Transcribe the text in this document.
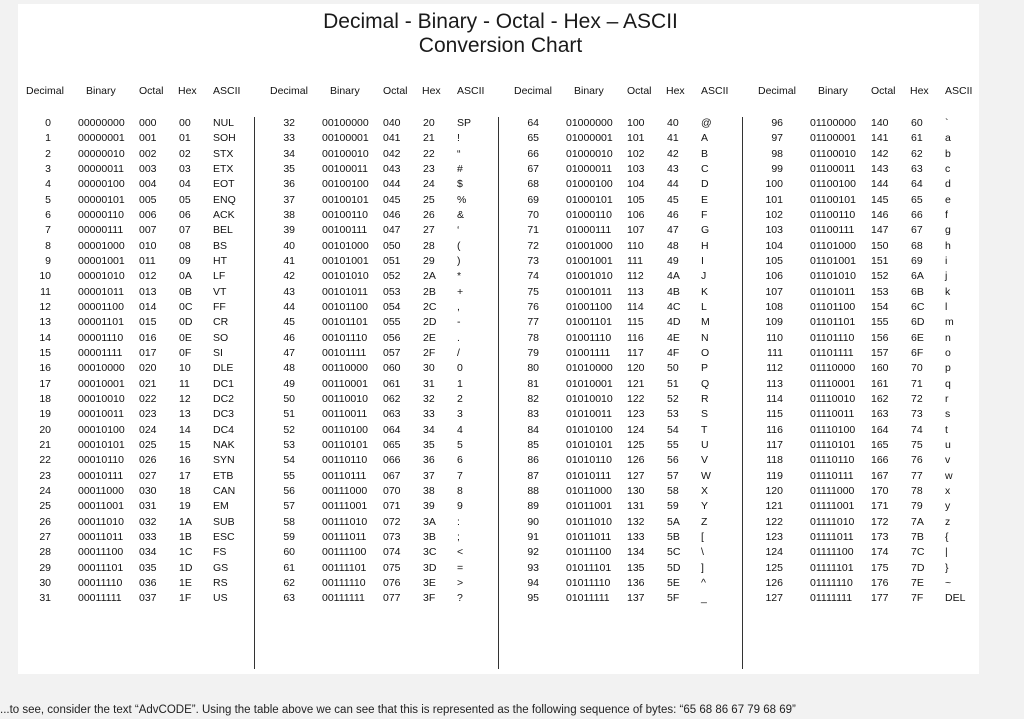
Decimal - Binary - Octal - Hex – ASCII
Conversion Chart
Decimal Binary Octal Hex ASCII
0	00000000 000 00 NUL
1	00000001 001 01 SOH
2	00000010 002 02 STX
3	00000011 003 03 ETX
4	00000100 004 04 EOT
5	00000101 005 05 ENQ
6	00000110 006 06 ACK
7	00000111 007 07 BEL
8	00001000 010 08 BS
9	00001001 011 09 HT
10	00001010 012 0A LF
11	00001011 013 0B VT
12	00001100 014 0C FF
13	00001101 015 0D CR
14	00001110 016 0E SO
15	00001111 017 0F SI
16	00010000 020 10 DLE
17	00010001 021 11 DC1
18	00010010 022 12 DC2
19	00010011 023 13 DC3
20	00010100 024 14 DC4
21	00010101 025 15 NAK
22	00010110 026 16 SYN
23	00010111 027 17 ETB
24	00011000 030 18 CAN
25	00011001 031 19 EM
26	00011010 032 1A SUB
27	00011011 033 1B ESC
28	00011100 034 1C FS
29	00011101 035 1D GS
30	00011110 036 1E RS
31	00011111 037 1F US
Decimal Binary Octal Hex ASCII
32	00100000 040 20 SP
33	00100001 041 21 !
34	00100010 042 22 “
35	00100011 043 23 #
36	00100100 044 24 $
37	00100101 045 25 %
38	00100110 046 26 &
39	00100111 047 27 ‘
40	00101000 050 28 (
41	00101001 051 29 )
42	00101010 052 2A *
43	00101011 053 2B +
44	00101100 054 2C ,
45	00101101 055 2D -
46	00101110 056 2E .
47	00101111 057 2F /
48	00110000 060 30 0
49	00110001 061 31 1
50	00110010 062 32 2
51	00110011 063 33 3
52	00110100 064 34 4
53	00110101 065 35 5
54	00110110 066 36 6
55	00110111 067 37 7
56	00111000 070 38 8
57	00111001 071 39 9
58	00111010 072 3A :
59	00111011 073 3B ;
60	00111100 074 3C <
61	00111101 075 3D =
62	00111110 076 3E >
63	00111111 077 3F ?
Decimal Binary Octal Hex ASCII
64	01000000 100 40 @
65	01000001 101 41 A
66	01000010 102 42 B
67	01000011 103 43 C
68	01000100 104 44 D
69	01000101 105 45 E
70	01000110 106 46 F
71	01000111 107 47 G
72	01001000 110 48 H
73	01001001 111 49 I
74	01001010 112 4A J
75	01001011 113 4B K
76	01001100 114 4C L
77	01001101 115 4D M
78	01001110 116 4E N
79	01001111 117 4F O
80	01010000 120 50 P
81	01010001 121 51 Q
82	01010010 122 52 R
83	01010011 123 53 S
84	01010100 124 54 T
85	01010101 125 55 U
86	01010110 126 56 V
87	01010111 127 57 W
88	01011000 130 58 X
89	01011001 131 59 Y
90	01011010 132 5A Z
91	01011011 133 5B [
92	01011100 134 5C \
93	01011101 135 5D ]
94	01011110 136 5E ^
95	01011111 137 5F _
Decimal Binary Octal Hex ASCII
96	01100000 140 60 `
97	01100001 141 61 a
98	01100010 142 62 b
99	01100011 143 63 c
100	01100100 144 64 d
101	01100101 145 65 e
102	01100110 146 66 f
103	01100111 147 67 g
104	01101000 150 68 h
105	01101001 151 69 i
106	01101010 152 6A j
107	01101011 153 6B k
108	01101100 154 6C l
109	01101101 155 6D m
110	01101110 156 6E n
111	01101111 157 6F o
112	01110000 160 70 p
113	01110001 161 71 q
114	01110010 162 72 r
115	01110011 163 73 s
116	01110100 164 74 t
117	01110101 165 75 u
118	01110110 166 76 v
119	01110111 167 77 w
120	01111000 170 78 x
121	01111001 171 79 y
122	01111010 172 7A z
123	01111011 173 7B {
124	01111100 174 7C |
125	01111101 175 7D }
126	01111110 176 7E ~
127	01111111 177 7F DEL
...to see, consider the text “AdvCODE”. Using the table above we can see that this is represented as the following sequence of bytes: “65 68 86 67 79 68 69”
